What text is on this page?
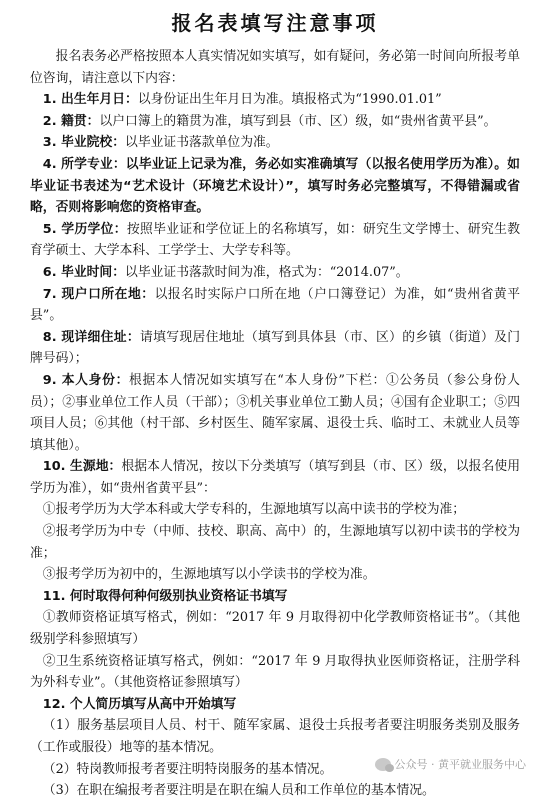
报名表填写注意事项

报名表务必严格按照本人真实情况如实填写，如有疑问，务必第一时间向所报考单位咨询，请注意以下内容：

1. 出生年月日：以身份证出生年月日为准。填报格式为“1990.01.01”

2. 籍贯：以户口簿上的籍贯为准，填写到县（市、区）级，如“贵州省黄平县”。

3. 毕业院校：以毕业证书落款单位为准。

4. 所学专业：以毕业证上记录为准，务必如实准确填写（以报名使用学历为准）。如毕业证书表述为“艺术设计（环境艺术设计）”，填写时务必完整填写，不得错漏或省略，否则将影响您的资格审查。

5. 学历学位：按照毕业证和学位证上的名称填写，如：研究生文学博士、研究生教育学硕士、大学本科、工学学士、大学专科等。

6. 毕业时间：以毕业证书落款时间为准，格式为：“2014.07”。

7. 现户口所在地：以报名时实际户口所在地（户口簿登记）为准，如“贵州省黄平县”。

8. 现详细住址：请填写现居住地址（填写到具体县（市、区）的乡镇（街道）及门牌号码）；

9. 本人身份：根据本人情况如实填写在“本人身份”下栏：①公务员（参公身份人员）；②事业单位工作人员（干部）；③机关事业单位工勤人员；④国有企业职工；⑤四项目人员；⑥其他（村干部、乡村医生、随军家属、退役士兵、临时工、未就业人员等填其他）。

10. 生源地：根据本人情况，按以下分类填写（填写到县（市、区）级，以报名使用学历为准），如“贵州省黄平县”：

①报考学历为大学本科或大学专科的，生源地填写以高中读书的学校为准；

②报考学历为中专（中师、技校、职高、高中）的，生源地填写以初中读书的学校为准；

③报考学历为初中的，生源地填写以小学读书的学校为准。

11. 何时取得何种何级别执业资格证书填写

①教师资格证填写格式，例如：“2017 年 9 月取得初中化学教师资格证书”。（其他级别学科参照填写）

②卫生系统资格证填写格式，例如：“2017 年 9 月取得执业医师资格证，注册学科为外科专业”。（其他资格证参照填写）

12. 个人简历填写从高中开始填写

（1）服务基层项目人员、村干、随军家属、退役士兵报考者要注明服务类别及服务（工作或服役）地等的基本情况。

（2）特岗教师报考者要注明特岗服务的基本情况。

（3）在职在编报考者要注明是在职在编人员和工作单位的基本情况。

公众号 · 黄平就业服务中心
